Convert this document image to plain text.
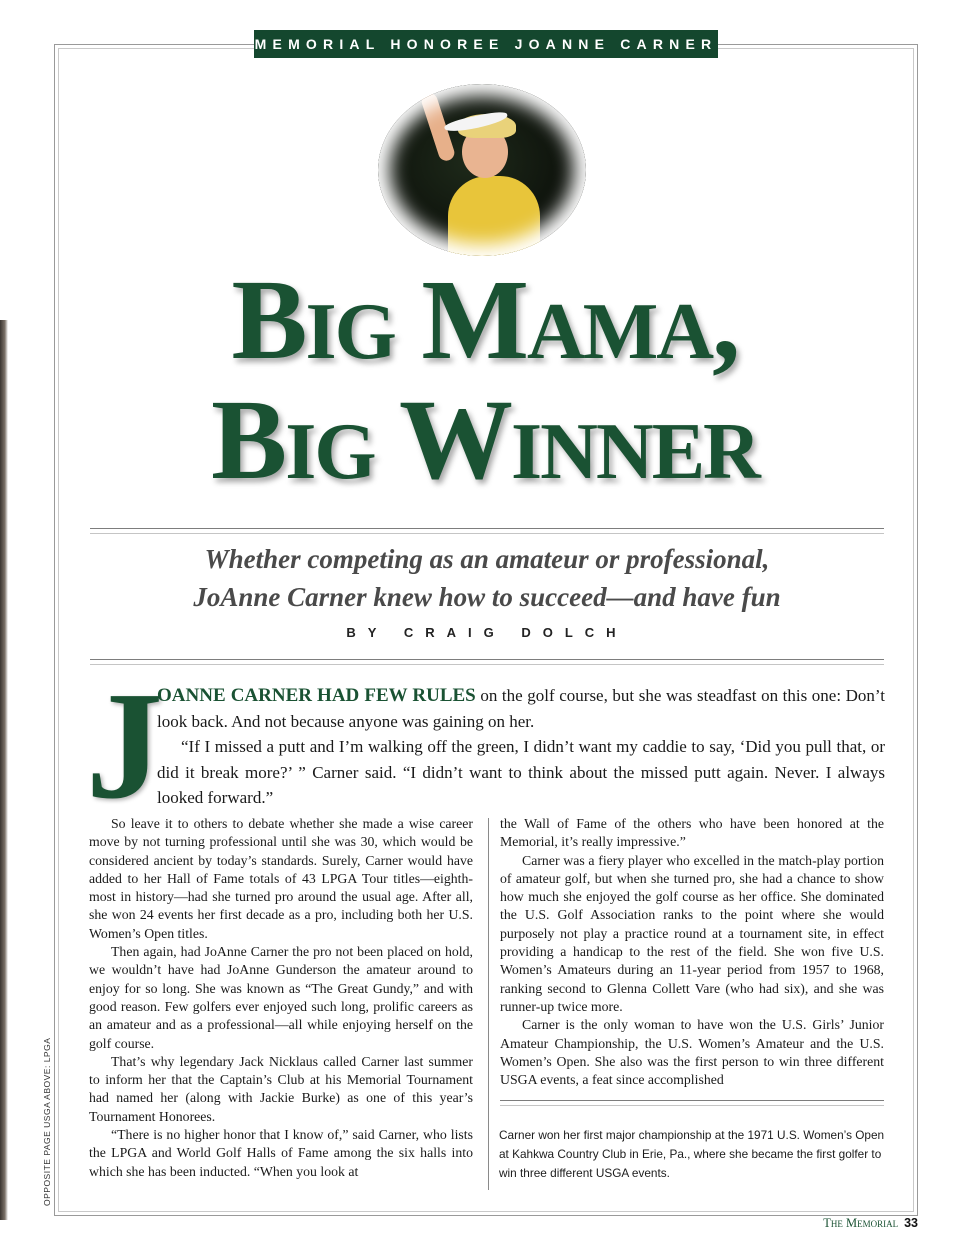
MEMORIAL HONOREE JOANNE CARNER
Big Mama,
Big Winner
Whether competing as an amateur or professional,
JoAnne Carner knew how to succeed—and have fun
BY CRAIG DOLCH
J

OANNE CARNER HAD FEW RULES on the golf course, but she was steadfast on this one: Don’t look back. And not because anyone was gaining on her.

“If I missed a putt and I’m walking off the green, I didn’t want my caddie to say, ‘Did you pull that, or did it break more?’ ” Carner said. “I didn’t want to think about the missed putt again. Never. I always looked forward.”

So leave it to others to debate whether she made a wise career move by not turning professional until she was 30, which would be considered ancient by today’s standards. Surely, Carner would have added to her Hall of Fame totals of 43 LPGA Tour titles—eighth-most in history—had she turned pro around the usual age. After all, she won 24 events her first decade as a pro, including both her U.S. Women’s Open titles.

Then again, had JoAnne Carner the pro not been placed on hold, we wouldn’t have had JoAnne Gunderson the amateur around to enjoy for so long. She was known as “The Great Gundy,” and with good reason. Few golfers ever enjoyed such long, prolific careers as an amateur and as a professional—all while enjoying herself on the golf course.

That’s why legendary Jack Nicklaus called Carner last summer to inform her that the Captain’s Club at his Memorial Tournament had named her (along with Jackie Burke) as one of this year’s Tournament Honorees.

“There is no higher honor that I know of,” said Carner, who lists the LPGA and World Golf Halls of Fame among the six halls into which she has been inducted. “When you look at

the Wall of Fame of the others who have been honored at the Memorial, it’s really impressive.”

Carner was a fiery player who excelled in the match-play portion of amateur golf, but when she turned pro, she had a chance to show how much she enjoyed the golf course as her office. She dominated the U.S. Golf Association ranks to the point where she would purposely not play a practice round at a tournament site, in effect providing a handicap to the rest of the field. She won five U.S. Women’s Amateurs during an 11-year period from 1957 to 1968, ranking second to Glenna Collett Vare (who had six), and she was runner-up twice more.

Carner is the only woman to have won the U.S. Girls’ Junior Amateur Championship, the U.S. Women’s Amateur and the U.S. Women’s Open. She also was the first person to win three different USGA events, a feat since accomplished

Carner won her first major championship at the 1971 U.S. Women’s Open at Kahkwa Country Club in Erie, Pa., where she became the first golfer to win three different USGA events.
OPPOSITE PAGE USGA ABOVE: LPGA
The Memorial 33
